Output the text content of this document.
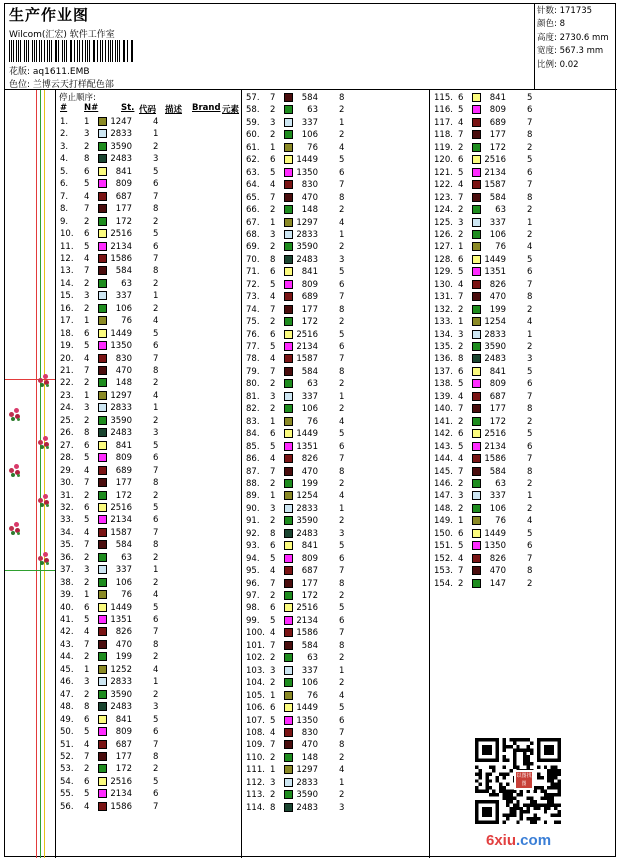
生产作业图
Wilcom(汇宏) 软件工作室
花版: aq1611.EMB
色位: 兰博云天打样配色部
针数: 171735
颜色: 8
高度: 2730.6 mm
宽度: 567.3 mm
比例: 0.02
停止顺序:
# N#	St. 代码 描述 Brand 元素
1. 1 1247 4
2. 3 2833 1
3. 2 3590 2
4. 8 2483 3
5. 6	841 5
6. 5	809 6
7. 4	687 7
8. 7	177 8
9. 2	172 2
10. 6 2516 5
11. 5 2134 6
12. 4 1586 7
13. 7	584 8
14. 2	63 2
15. 3	337 1
16. 2	106 2
17. 1	76 4
18. 6 1449 5
19. 5 1350 6
20. 4	830 7
21. 7	470 8
22. 2	148 2
23. 1 1297 4
24. 3 2833 1
25. 2 3590 2
26. 8 2483 3
27. 6	841 5
28. 5	809 6
29. 4	689 7
30. 7	177 8
31. 2	172 2
32. 6 2516 5
33. 5 2134 6
34. 4 1587 7
35. 7	584 8
36. 2	63 2
37. 3	337 1
38. 2	106 2
39. 1	76 4
40. 6 1449 5
41. 5 1351 6
42. 4	826 7
43. 7	470 8
44. 2	199 2
45. 1 1252 4
46. 3 2833 1
47. 2 3590 2
48. 8 2483 3
49. 6	841 5
50. 5	809 6
51. 4	687 7
52. 7	177 8
53. 2	172 2
54. 6 2516 5
55. 5 2134 6
56. 4 1586 7
57. 7	584 8
58. 2	63 2
59. 3	337 1
60. 2	106 2
61. 1	76 4
62. 6 1449 5
63. 5 1350 6
64. 4	830 7
65. 7	470 8
66. 2	148 2
67. 1 1297 4
68. 3 2833 1
69. 2 3590 2
70. 8 2483 3
71. 6	841 5
72. 5	809 6
73. 4	689 7
74. 7	177 8
75. 2	172 2
76. 6 2516 5
77. 5 2134 6
78. 4 1587 7
79. 7	584 8
80. 2	63 2
81. 3	337 1
82. 2	106 2
83. 1	76 4
84. 6 1449 5
85. 5 1351 6
86. 4	826 7
87. 7	470 8
88. 2	199 2
89. 1 1254 4
90. 3 2833 1
91. 2 3590 2
92. 8 2483 3
93. 6	841 5
94. 5	809 6
95. 4	687 7
96. 7	177 8
97. 2	172 2
98. 6 2516 5
99. 5 2134 6
100. 4 1586 7
101. 7	584 8
102. 2	63 2
103. 3	337 1
104. 2	106 2
105. 1	76 4
106. 6 1449 5
107. 5 1350 6
108. 4	830 7
109. 7	470 8
110. 2	148 2
111. 1 1297 4
112. 3 2833 1
113. 2 3590 2
114. 8 2483 3
115. 6	841 5
116. 5	809 6
117. 4	689 7
118. 7	177 8
119. 2	172 2
120. 6 2516 5
121. 5 2134 6
122. 4 1587 7
123. 7	584 8
124. 2	63 2
125. 3	337 1
126. 2	106 2
127. 1	76 4
128. 6 1449 5
129. 5 1351 6
130. 4	826 7
131. 7	470 8
132. 2	199 2
133. 1 1254 4
134. 3 2833 1
135. 2 3590 2
136. 8 2483 3
137. 6	841 5
138. 5	809 6
139. 4	687 7
140. 7	177 8
141. 2	172 2
142. 6 2516 5
143. 5 2134 6
144. 4 1586 7
145. 7	584 8
146. 2	63 2
147. 3	337 1
148. 2	106 2
149. 1	76 4
150. 6 1449 5
151. 5 1350 6
152. 4	826 7
153. 7	470 8
154. 2	147 2
以图找图
6xiu.com
